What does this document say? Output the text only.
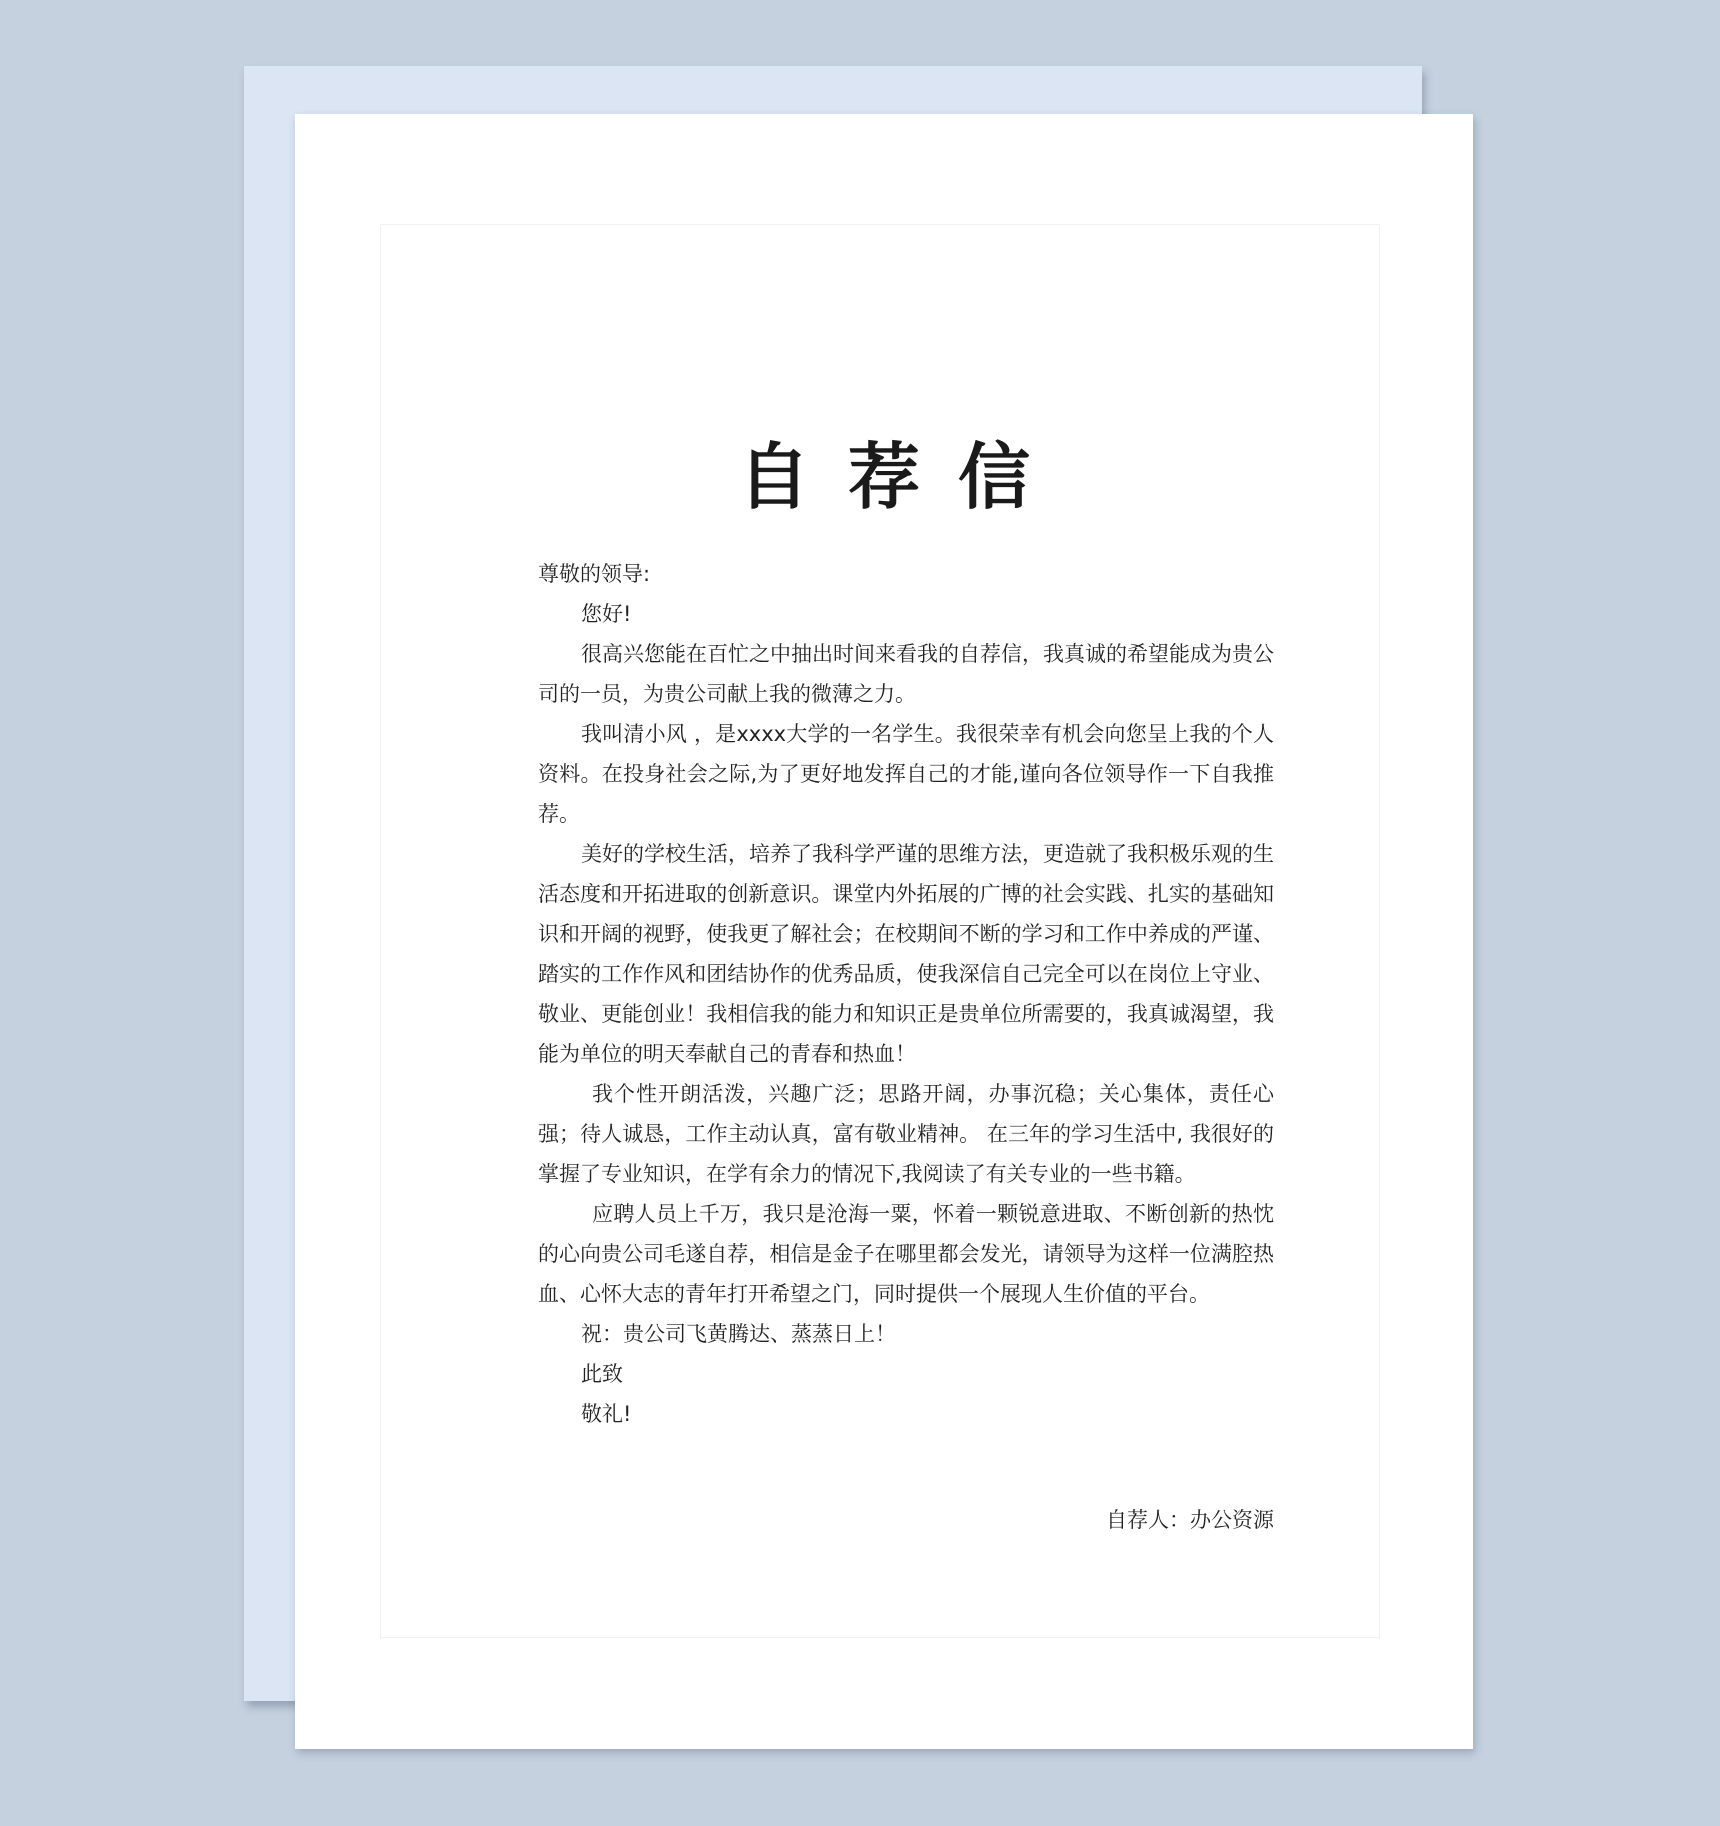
自荐信

尊敬的领导:

您好!

很高兴您能在百忙之中抽出时间来看我的自荐信，我真诚的希望能成为贵公司的一员，为贵公司献上我的微薄之力。

我叫清小风 ，是xxxx大学的一名学生。我很荣幸有机会向您呈上我的个人资料。在投身社会之际,为了更好地发挥自己的才能,谨向各位领导作一下自我推荐。

美好的学校生活，培养了我科学严谨的思维方法，更造就了我积极乐观的生活态度和开拓进取的创新意识。课堂内外拓展的广博的社会实践、扎实的基础知识和开阔的视野，使我更了解社会；在校期间不断的学习和工作中养成的严谨、踏实的工作作风和团结协作的优秀品质，使我深信自己完全可以在岗位上守业、敬业、更能创业！我相信我的能力和知识正是贵单位所需要的，我真诚渴望，我能为单位的明天奉献自己的青春和热血！

我个性开朗活泼，兴趣广泛；思路开阔，办事沉稳；关心集体，责任心强；待人诚恳，工作主动认真，富有敬业精神。 在三年的学习生活中, 我很好的掌握了专业知识，在学有余力的情况下,我阅读了有关专业的一些书籍。

应聘人员上千万，我只是沧海一粟，怀着一颗锐意进取、不断创新的热忱的心向贵公司毛遂自荐，相信是金子在哪里都会发光，请领导为这样一位满腔热血、心怀大志的青年打开希望之门，同时提供一个展现人生价值的平台。

祝：贵公司飞黄腾达、蒸蒸日上！

此致

敬礼!

自荐人：办公资源
